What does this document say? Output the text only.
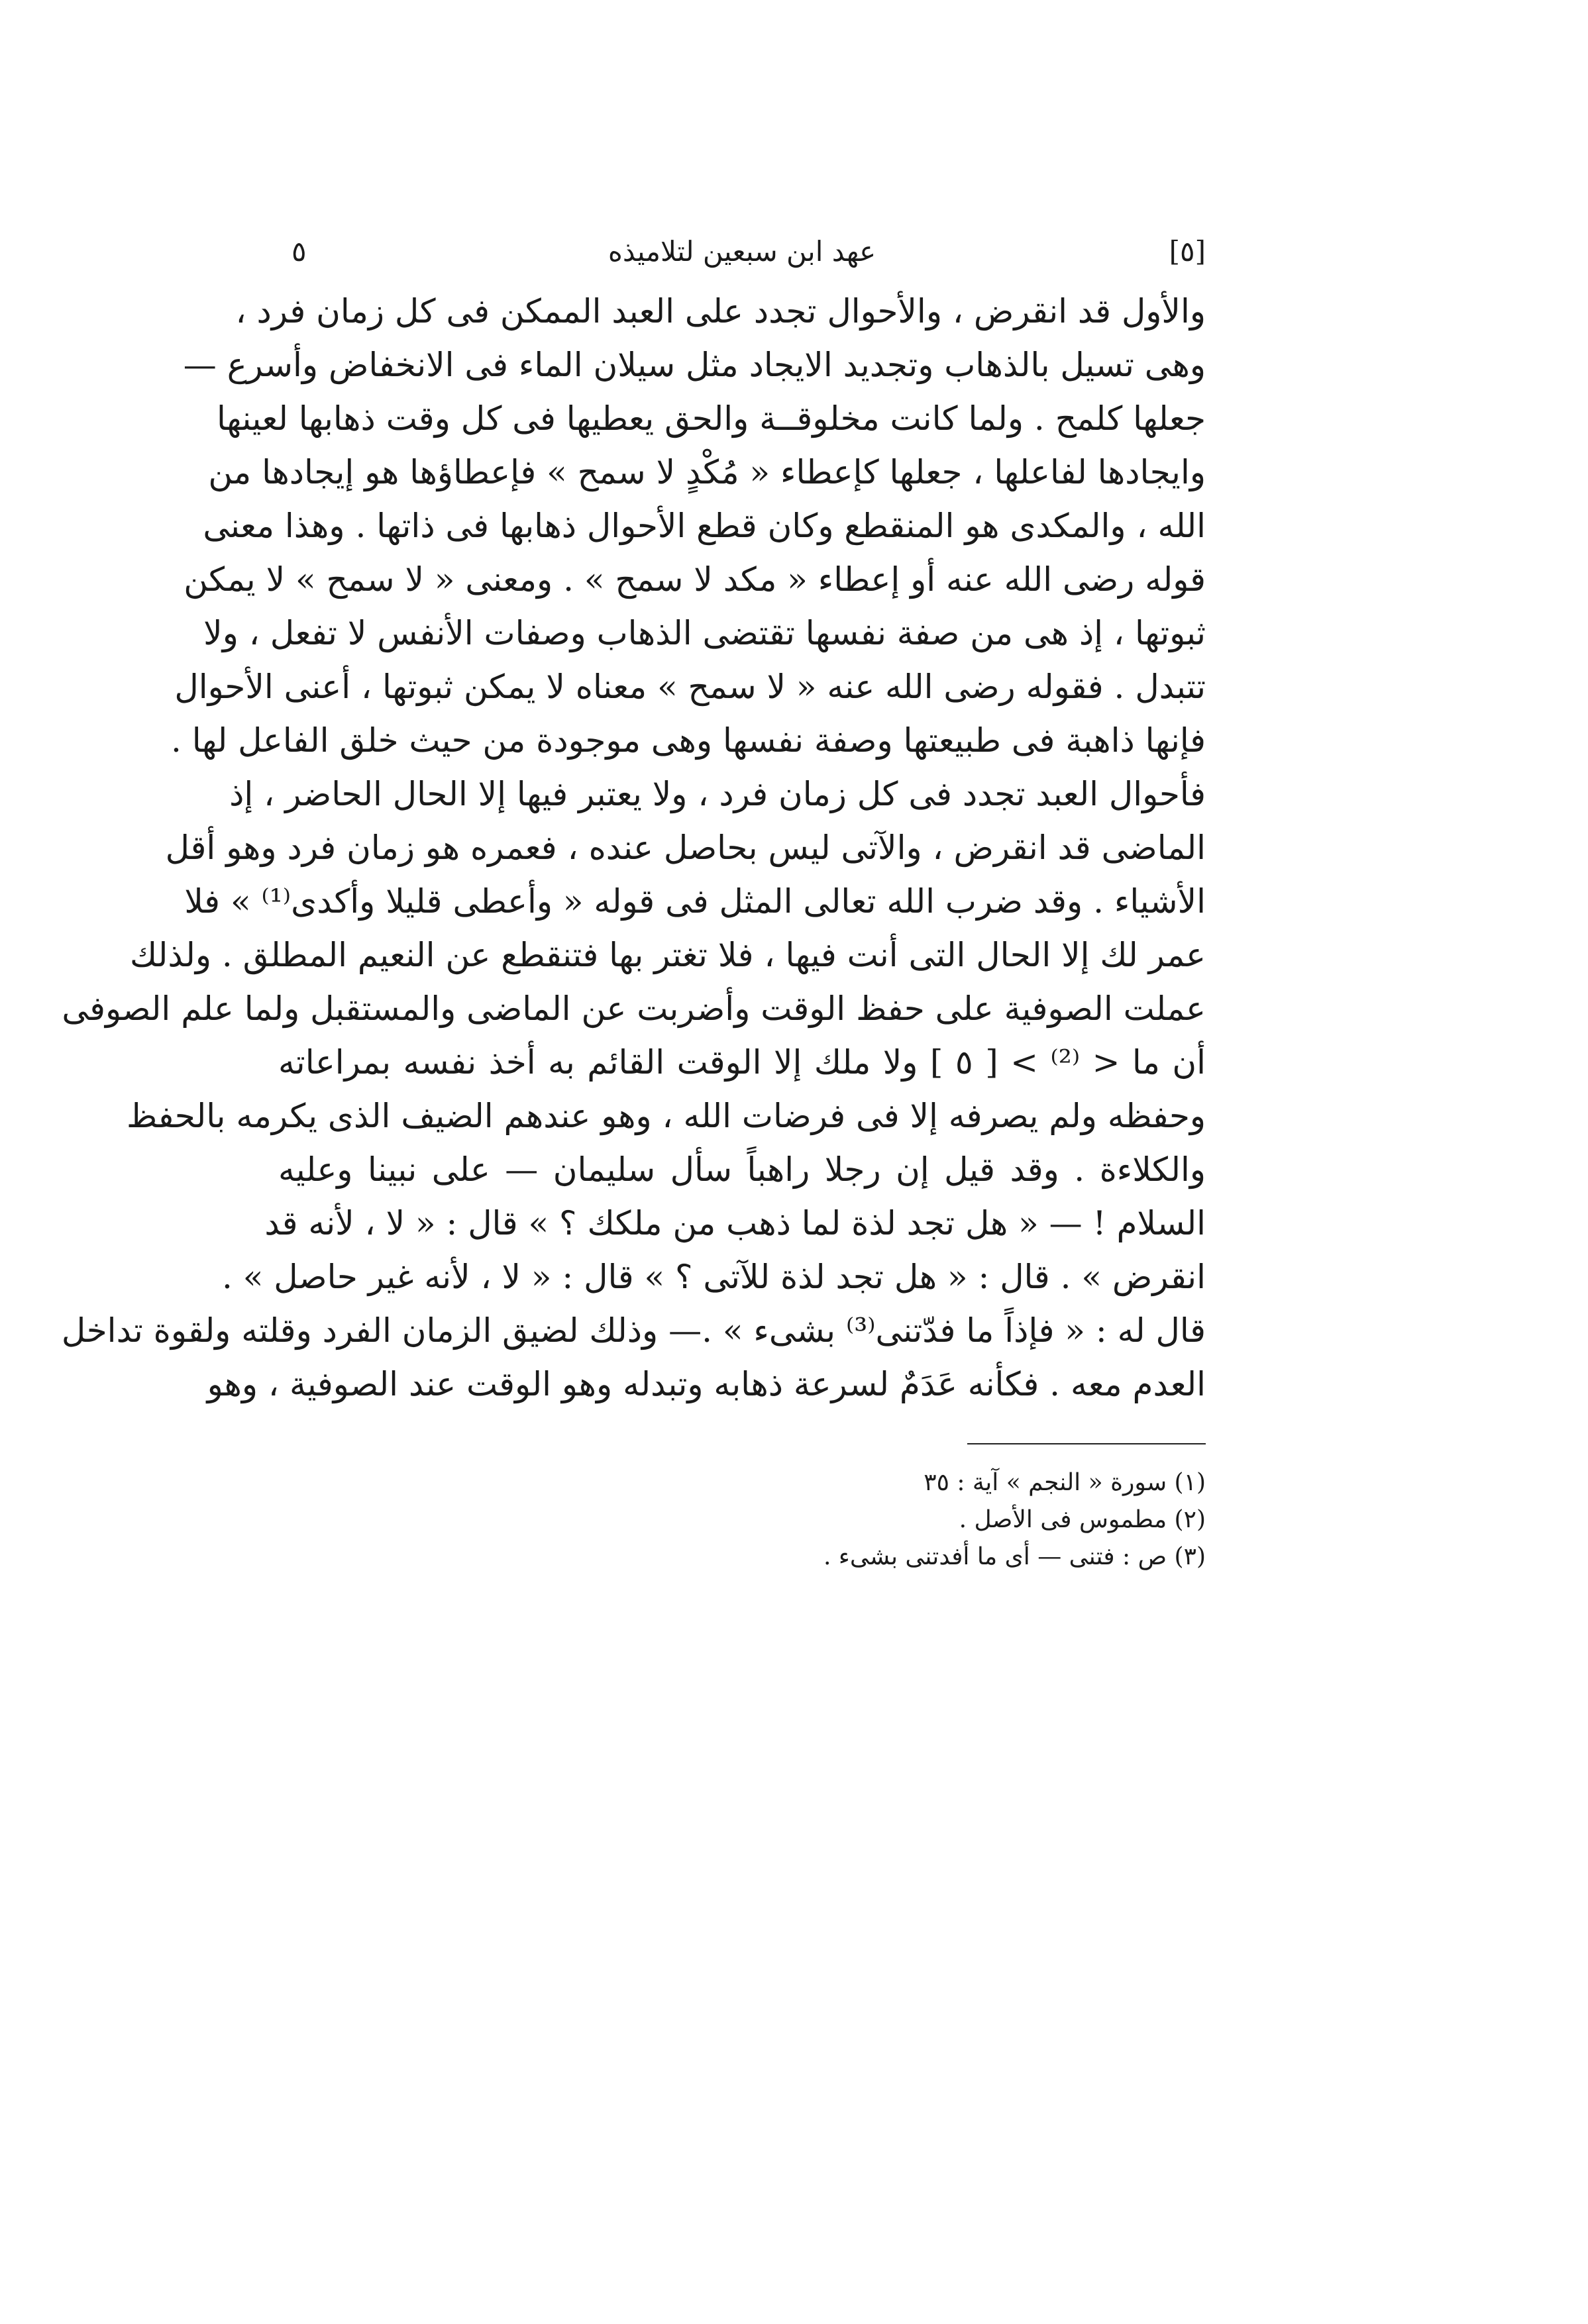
[٥]
عهد ابن سبعين لتلاميذه
٥
والأول قد انقرض ، والأحوال تجدد على العبد الممكن فى كل زمان فرد ،
وهى تسيل بالذهاب وتجديد الايجاد مثل سيلان الماء فى الانخفاض وأسرع —
جعلها كلمح . ولما كانت مخلوقــة والحق يعطيها فى كل وقت ذهابها لعينها
وايجادها لفاعلها ، جعلها كإعطاء « مُكْدٍ لا سمح » فإعطاؤها هو إيجادها من
الله ، والمكدى هو المنقطع وكان قطع الأحوال ذهابها فى ذاتها . وهذا معنى
قوله رضى الله عنه أو إعطاء « مكد لا سمح » . ومعنى « لا سمح » لا يمكن
ثبوتها ، إذ هى من صفة نفسها تقتضى الذهاب وصفات الأنفس لا تفعل ، ولا
تتبدل . فقوله رضى الله عنه « لا سمح » معناه لا يمكن ثبوتها ، أعنى الأحوال
فإنها ذاهبة فى طبيعتها وصفة نفسها وهى موجودة من حيث خلق الفاعل لها .
فأحوال العبد تجدد فى كل زمان فرد ، ولا يعتبر فيها إلا الحال الحاضر ، إذ
الماضى قد انقرض ، والآتى ليس بحاصل عنده ، فعمره هو زمان فرد وهو أقل
الأشياء . وقد ضرب الله تعالى المثل فى قوله « وأعطى قليلا وأكدى⁽¹⁾ » فلا
عمر لك إلا الحال التى أنت فيها ، فلا تغتر بها فتنقطع عن النعيم المطلق . ولذلك
عملت الصوفية على حفظ الوقت وأضربت عن الماضى والمستقبل ولما علم الصوفى
أن ما < ⁽²⁾ > [ ٥ ] ولا ملك إلا الوقت القائم به أخذ نفسه بمراعاته
وحفظه ولم يصرفه إلا فى فرضات الله ، وهو عندهم الضيف الذى يكرمه بالحفظ
والكلاءة . وقد قيل إن رجلا راهباً سأل سليمان — على نبينا وعليه
السلام ! — « هل تجد لذة لما ذهب من ملكك ؟ » قال : « لا ، لأنه قد
انقرض » . قال : « هل تجد لذة للآتى ؟ » قال : « لا ، لأنه غير حاصل » .
قال له : « فإذاً ما فدّتنى⁽³⁾ بشىء » .— وذلك لضيق الزمان الفرد وقلته ولقوة تداخل
العدم معه . فكأنه عَدَمٌ لسرعة ذهابه وتبدله وهو الوقت عند الصوفية ، وهو
(١) سورة « النجم » آية : ٣٥
(٢) مطموس فى الأصل .
(٣) ص : فتنى — أى ما أفدتنى بشىء .
